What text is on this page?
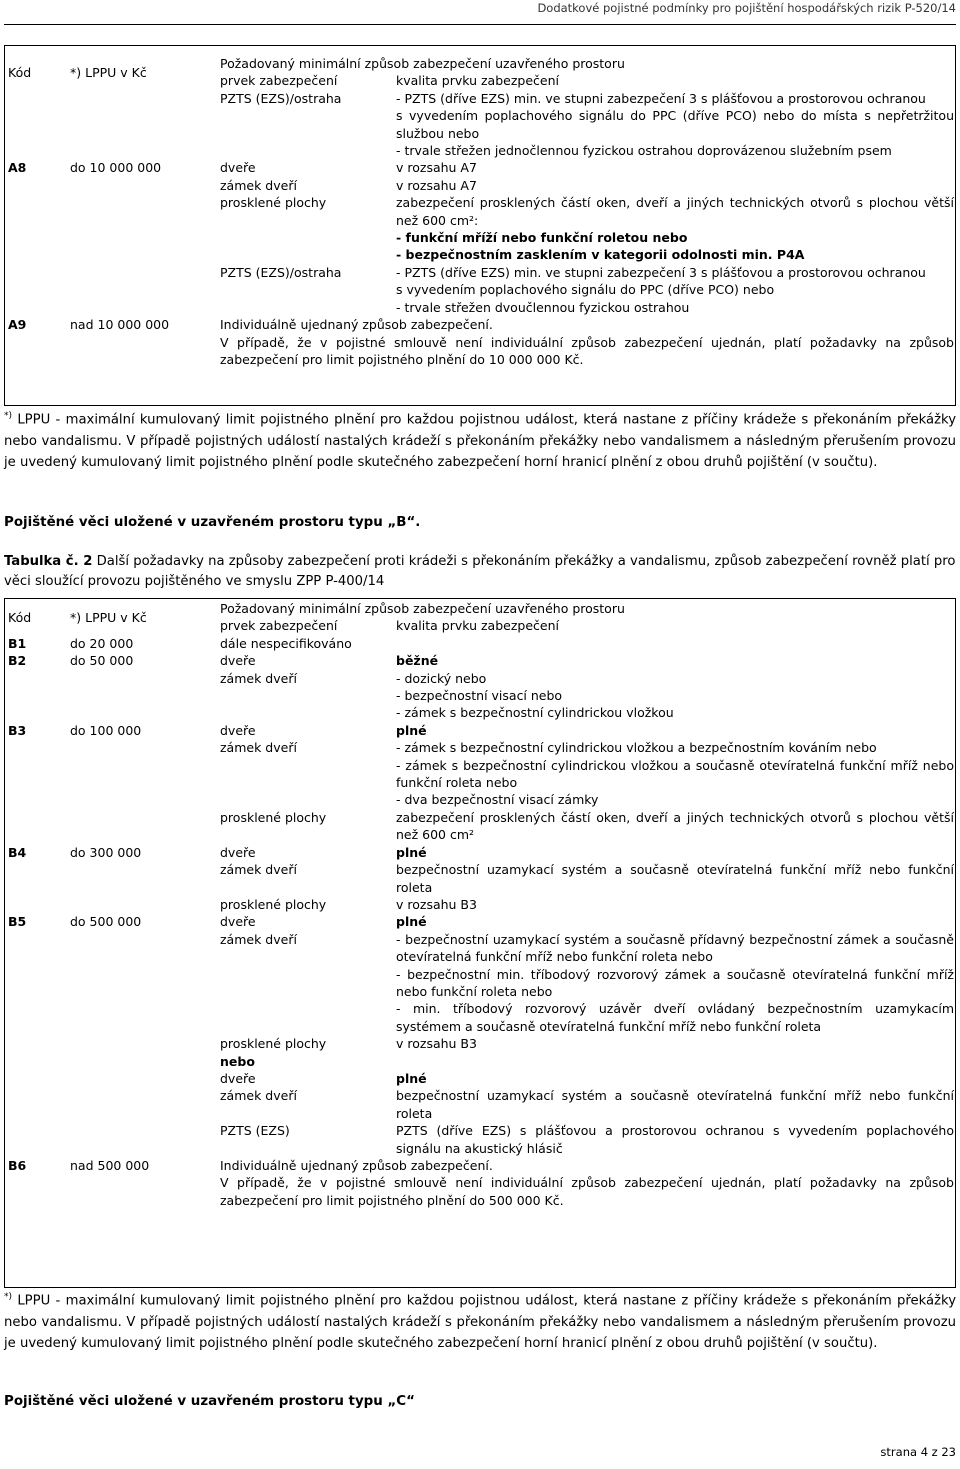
Dodatkové pojistné podmínky pro pojištění hospodářských rizik P-520/14
Kód	*) LPPU v Kč	Požadovaný minimální způsob zabezpečení uzavřeného prostoru	
		prvek zabezpečení	kvalita prvku zabezpečení
		PZTS (EZS)/ostraha	- PZTS (dříve EZS) min. ve stupni zabezpečení 3 s plášťovou a prostorovou ochranou
s vyvedením poplachového signálu do PPC (dříve PCO) nebo do místa s nepřetržitou službou nebo
- trvale střežen jednočlennou fyzickou ostrahou doprovázenou služebním psem

A8	do 10 000 000	dveře	v rozsahu A7
		zámek dveří	v rozsahu A7
		prosklené plochy	zabezpečení prosklených částí oken, dveří a jiných technických otvorů s plochou větší než 600 cm²:
- funkční mříží nebo funkční roletou nebo
- bezpečnostním zasklením v kategorii odolnosti min. P4A

		PZTS (EZS)/ostraha	- PZTS (dříve EZS) min. ve stupni zabezpečení 3 s plášťovou a prostorovou ochranou
s vyvedením poplachového signálu do PPC (dříve PCO) nebo
- trvale střežen dvoučlennou fyzickou ostrahou

A9	nad 10 000 000	Individuálně ujednaný způsob zabezpečení.
V případě, že v pojistné smlouvě není individuální způsob zabezpečení ujednán, platí požadavky na způsob zabezpečení pro limit pojistného plnění do 10 000 000 Kč.	
*) LPPU - maximální kumulovaný limit pojistného plnění pro každou pojistnou událost, která nastane z příčiny krádeže s překonáním překážky nebo vandalismu. V případě pojistných událostí nastalých krádeží s překonáním překážky nebo vandalismem a následným přerušením provozu je uvedený kumulovaný limit pojistného plnění podle skutečného zabezpečení horní hranicí plnění z obou druhů pojištění (v součtu).
Pojištěné věci uložené v uzavřeném prostoru typu „B“.
Tabulka č. 2 Další požadavky na způsoby zabezpečení proti krádeži s překonáním překážky a vandalismu, způsob zabezpečení rovněž platí pro věci sloužící provozu pojištěného ve smyslu ZPP P-400/14
Kód	*) LPPU v Kč	Požadovaný minimální způsob zabezpečení uzavřeného prostoru	
		prvek zabezpečení	kvalita prvku zabezpečení
B1	do 20 000	dále nespecifikováno	
B2	do 50 000	dveře	běžné
		zámek dveří	- dozický nebo
- bezpečnostní visací nebo
- zámek s bezpečnostní cylindrickou vložkou

B3	do 100 000	dveře	plné
		zámek dveří	- zámek s bezpečnostní cylindrickou vložkou a bezpečnostním kováním nebo
- zámek s bezpečnostní cylindrickou vložkou a současně otevíratelná funkční mříž nebo funkční roleta nebo
- dva bezpečnostní visací zámky

		prosklené plochy	zabezpečení prosklených částí oken, dveří a jiných technických otvorů s plochou větší než 600 cm²
B4	do 300 000	dveře	plné
		zámek dveří	bezpečnostní uzamykací systém a současně otevíratelná funkční mříž nebo funkční roleta
		prosklené plochy	v rozsahu B3
B5	do 500 000	dveře	plné
		zámek dveří	- bezpečnostní uzamykací systém a současně přídavný bezpečnostní zámek a současně otevíratelná funkční mříž nebo funkční roleta nebo
- bezpečnostní min. tříbodový rozvorový zámek a současně otevíratelná funkční mříž nebo funkční roleta nebo
- min. tříbodový rozvorový uzávěr dveří ovládaný bezpečnostním uzamykacím systémem a současně otevíratelná funkční mříž nebo funkční roleta

		prosklené plochy	v rozsahu B3
		nebo	
		dveře	plné
		zámek dveří	bezpečnostní uzamykací systém a současně otevíratelná funkční mříž nebo funkční roleta
		PZTS (EZS)	PZTS (dříve EZS) s plášťovou a prostorovou ochranou s vyvedením poplachového signálu na akustický hlásič
B6	nad 500 000	Individuálně ujednaný způsob zabezpečení.
V případě, že v pojistné smlouvě není individuální způsob zabezpečení ujednán, platí požadavky na způsob zabezpečení pro limit pojistného plnění do 500 000 Kč.	
*) LPPU - maximální kumulovaný limit pojistného plnění pro každou pojistnou událost, která nastane z příčiny krádeže s překonáním překážky nebo vandalismu. V případě pojistných událostí nastalých krádeží s překonáním překážky nebo vandalismem a následným přerušením provozu je uvedený kumulovaný limit pojistného plnění podle skutečného zabezpečení horní hranicí plnění z obou druhů pojištění (v součtu).
Pojištěné věci uložené v uzavřeném prostoru typu „C“
strana 4 z 23
